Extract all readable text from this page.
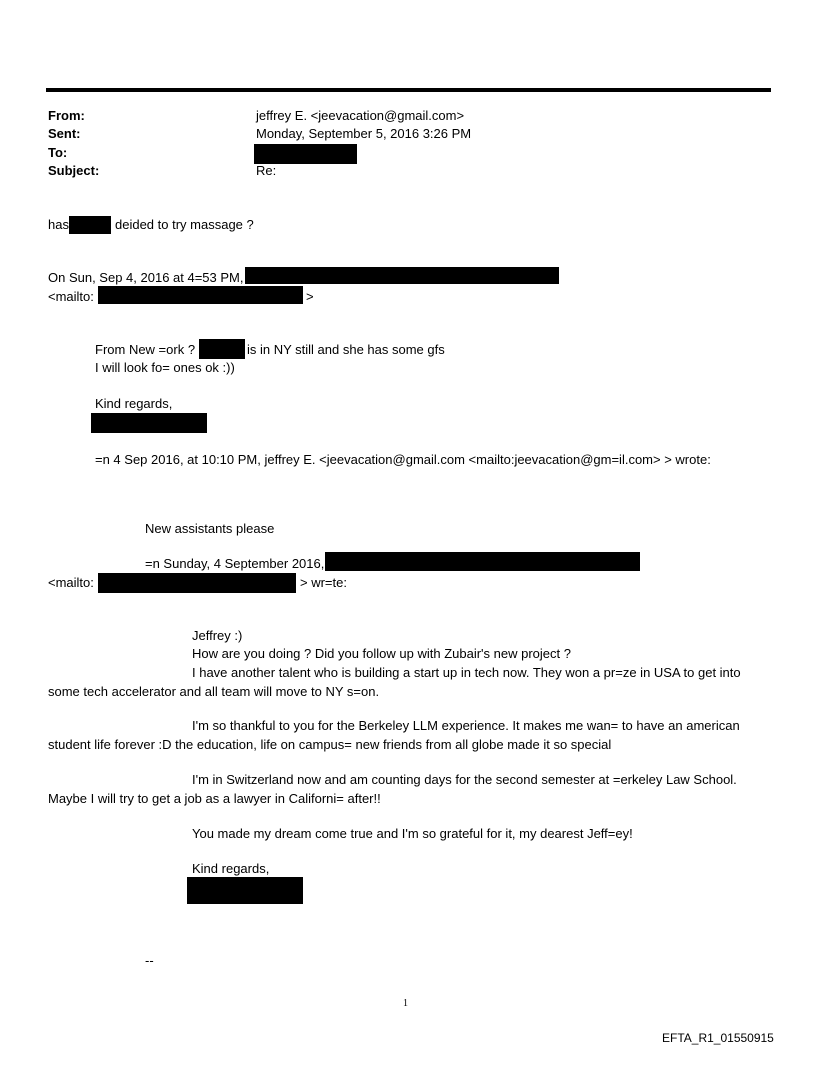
From:	jeffrey E. <jeevacation@gmail.com>
Sent:	Monday, September 5, 2016 3:26 PM
To:
Subject:	Re:
has	deided to try massage ?
On Sun, Sep 4, 2016 at 4=53 PM,
<mailto:	>
From New =ork ?	is in NY still and she has some gfs
I will look fo= ones ok :))
Kind regards,
=n 4 Sep 2016, at 10:10 PM, jeffrey E. <jeevacation@gmail.com <mailto:jeevacation@gm=il.com> > wrote:
New assistants please
=n Sunday, 4 September 2016,
<mailto:	> wr=te:
Jeffrey :)
How are you doing ? Did you follow up with Zubair's new project ?
I have another talent who is building a start up in tech now. They won a pr=ze in USA to get into
some tech accelerator and all team will move to NY s=on.
I'm so thankful to you for the Berkeley LLM experience. It makes me wan= to have an american
student life forever :D the education, life on campus= new friends from all globe made it so special
I'm in Switzerland now and am counting days for the second semester at =erkeley Law School.
Maybe I will try to get a job as a lawyer in Californi= after!!
You made my dream come true and I'm so grateful for it, my dearest Jeff=ey!
Kind regards,
--
1
EFTA_R1_01550915
